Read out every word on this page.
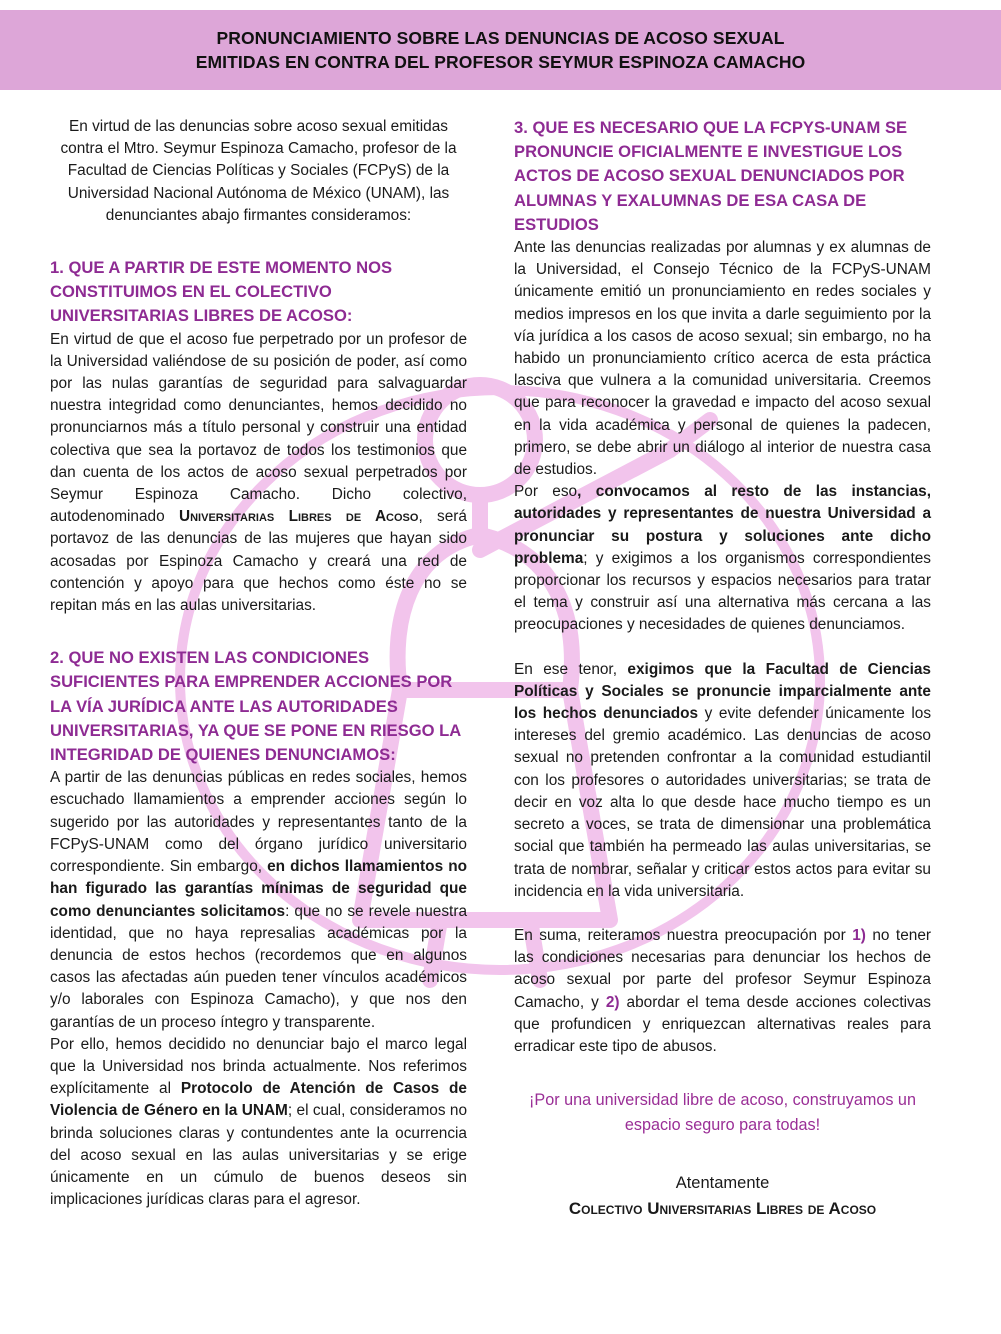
PRONUNCIAMIENTO SOBRE LAS DENUNCIAS DE ACOSO SEXUAL
EMITIDAS EN CONTRA DEL PROFESOR SEYMUR ESPINOZA CAMACHO

En virtud de las denuncias sobre acoso sexual emitidas contra el Mtro. Seymur Espinoza Camacho, profesor de la Facultad de Ciencias Políticas y Sociales (FCPyS) de la Universidad Nacional Autónoma de México (UNAM), las denunciantes abajo firmantes consideramos:

1. QUE A PARTIR DE ESTE MOMENTO NOS CONSTITUIMOS EN EL COLECTIVO UNIVERSITARIAS LIBRES DE ACOSO:

En virtud de que el acoso fue perpetrado por un profesor de la Universidad valiéndose de su posición de poder, así como por las nulas garantías de seguridad para salvaguardar nuestra integridad como denunciantes, hemos decidido no pronunciarnos más a título personal y construir una entidad colectiva que sea la portavoz de todos los testimonios que dan cuenta de los actos de acoso sexual perpetrados por Seymur Espinoza Camacho. Dicho colectivo, autodenominado Universitarias Libres de Acoso, será portavoz de las denuncias de las mujeres que hayan sido acosadas por Espinoza Camacho y creará una red de contención y apoyo para que hechos como éste no se repitan más en las aulas universitarias.

2. QUE NO EXISTEN LAS CONDICIONES SUFICIENTES PARA EMPRENDER ACCIONES POR LA VÍA JURÍDICA ANTE LAS AUTORIDADES UNIVERSITARIAS, YA QUE SE PONE EN RIESGO LA INTEGRIDAD DE QUIENES DENUNCIAMOS:

A partir de las denuncias públicas en redes sociales, hemos escuchado llamamientos a emprender acciones según lo sugerido por las autoridades y representantes tanto de la FCPyS-UNAM como del órgano jurídico universitario correspondiente. Sin embargo, en dichos llamamientos no han figurado las garantías mínimas de seguridad que como denunciantes solicitamos: que no se revele nuestra identidad, que no haya represalias académicas por la denuncia de estos hechos (recordemos que en algunos casos las afectadas aún pueden tener vínculos académicos y/o laborales con Espinoza Camacho), y que nos den garantías de un proceso íntegro y transparente.

Por ello, hemos decidido no denunciar bajo el marco legal que la Universidad nos brinda actualmente. Nos referimos explícitamente al Protocolo de Atención de Casos de Violencia de Género en la UNAM; el cual, consideramos no brinda soluciones claras y contundentes ante la ocurrencia del acoso sexual en las aulas universitarias y se erige únicamente en un cúmulo de buenos deseos sin implicaciones jurídicas claras para el agresor.

3. QUE ES NECESARIO QUE LA FCPYS-UNAM SE PRONUNCIE OFICIALMENTE E INVESTIGUE LOS ACTOS DE ACOSO SEXUAL DENUNCIADOS POR ALUMNAS Y EXALUMNAS DE ESA CASA DE ESTUDIOS

Ante las denuncias realizadas por alumnas y ex alumnas de la Universidad, el Consejo Técnico de la FCPyS-UNAM únicamente emitió un pronunciamiento en redes sociales y medios impresos en los que invita a darle seguimiento por la vía jurídica a los casos de acoso sexual; sin embargo, no ha habido un pronunciamiento crítico acerca de esta práctica lasciva que vulnera a la comunidad universitaria. Creemos que para reconocer la gravedad e impacto del acoso sexual en la vida académica y personal de quienes la padecen, primero, se debe abrir un diálogo al interior de nuestra casa de estudios.

Por eso, convocamos al resto de las instancias, autoridades y representantes de nuestra Universidad a pronunciar su postura y soluciones ante dicho problema; y exigimos a los organismos correspondientes proporcionar los recursos y espacios necesarios para tratar el tema y construir así una alternativa más cercana a las preocupaciones y necesidades de quienes denunciamos.

En ese tenor, exigimos que la Facultad de Ciencias Políticas y Sociales se pronuncie imparcialmente ante los hechos denunciados y evite defender únicamente los intereses del gremio académico. Las denuncias de acoso sexual no pretenden confrontar a la comunidad estudiantil con los profesores o autoridades universitarias; se trata de decir en voz alta lo que desde hace mucho tiempo es un secreto a voces, se trata de dimensionar una problemática social que también ha permeado las aulas universitarias, se trata de nombrar, señalar y criticar estos actos para evitar su incidencia en la vida universitaria.

En suma, reiteramos nuestra preocupación por 1) no tener las condiciones necesarias para denunciar los hechos de acoso sexual por parte del profesor Seymur Espinoza Camacho, y 2) abordar el tema desde acciones colectivas que profundicen y enriquezcan alternativas reales para erradicar este tipo de abusos.

¡Por una universidad libre de acoso, construyamos un espacio seguro para todas!

Atentamente
Colectivo Universitarias Libres de Acoso
